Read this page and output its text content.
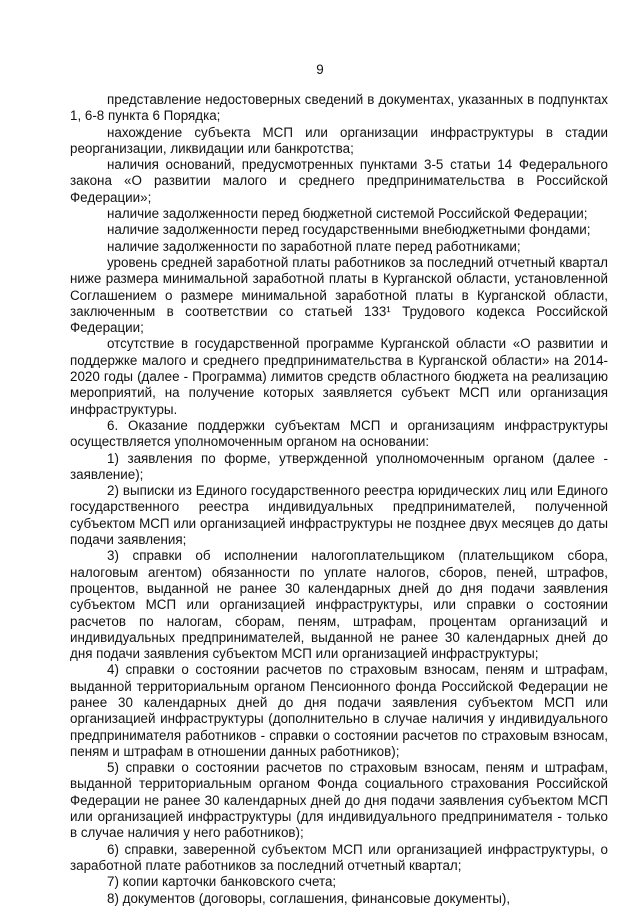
9

представление недостоверных сведений в документах, указанных в подпунктах 1, 6-8 пункта 6 Порядка;

нахождение субъекта МСП или организации инфраструктуры в стадии реорганизации, ликвидации или банкротства;

наличия оснований, предусмотренных пунктами 3-5 статьи 14 Федерального закона «О развитии малого и среднего предпринимательства в Российской Федерации»;

наличие задолженности перед бюджетной системой Российской Федерации;

наличие задолженности перед государственными внебюджетными фондами;

наличие задолженности по заработной плате перед работниками;

уровень средней заработной платы работников за последний отчетный квартал ниже размера минимальной заработной платы в Курганской области, установленной Соглашением о размере минимальной заработной платы в Курганской области, заключенным в соответствии со статьей 133¹ Трудового кодекса Российской Федерации;

отсутствие в государственной программе Курганской области «О развитии и поддержке малого и среднего предпринимательства в Курганской области» на 2014-2020 годы (далее - Программа) лимитов средств областного бюджета на реализацию мероприятий, на получение которых заявляется субъект МСП или организация инфраструктуры.

6. Оказание поддержки субъектам МСП и организациям инфраструктуры осуществляется уполномоченным органом на основании:

1) заявления по форме, утвержденной уполномоченным органом (далее - заявление);

2) выписки из Единого государственного реестра юридических лиц или Единого государственного реестра индивидуальных предпринимателей, полученной субъектом МСП или организацией инфраструктуры не позднее двух месяцев до даты подачи заявления;

3) справки об исполнении налогоплательщиком (плательщиком сбора, налоговым агентом) обязанности по уплате налогов, сборов, пеней, штрафов, процентов, выданной не ранее 30 календарных дней до дня подачи заявления субъектом МСП или организацией инфраструктуры, или справки о состоянии расчетов по налогам, сборам, пеням, штрафам, процентам организаций и индивидуальных предпринимателей, выданной не ранее 30 календарных дней до дня подачи заявления субъектом МСП или организацией инфраструктуры;

4) справки о состоянии расчетов по страховым взносам, пеням и штрафам, выданной территориальным органом Пенсионного фонда Российской Федерации не ранее 30 календарных дней до дня подачи заявления субъектом МСП или организацией инфраструктуры (дополнительно в случае наличия у индивидуального предпринимателя работников - справки о состоянии расчетов по страховым взносам, пеням и штрафам в отношении данных работников);

5) справки о состоянии расчетов по страховым взносам, пеням и штрафам, выданной территориальным органом Фонда социального страхования Российской Федерации не ранее 30 календарных дней до дня подачи заявления субъектом МСП или организацией инфраструктуры (для индивидуального предпринимателя - только в случае наличия у него работников);

6) справки, заверенной субъектом МСП или организацией инфраструктуры, о заработной плате работников за последний отчетный квартал;

7) копии карточки банковского счета;

8) документов (договоры, соглашения, финансовые документы),
